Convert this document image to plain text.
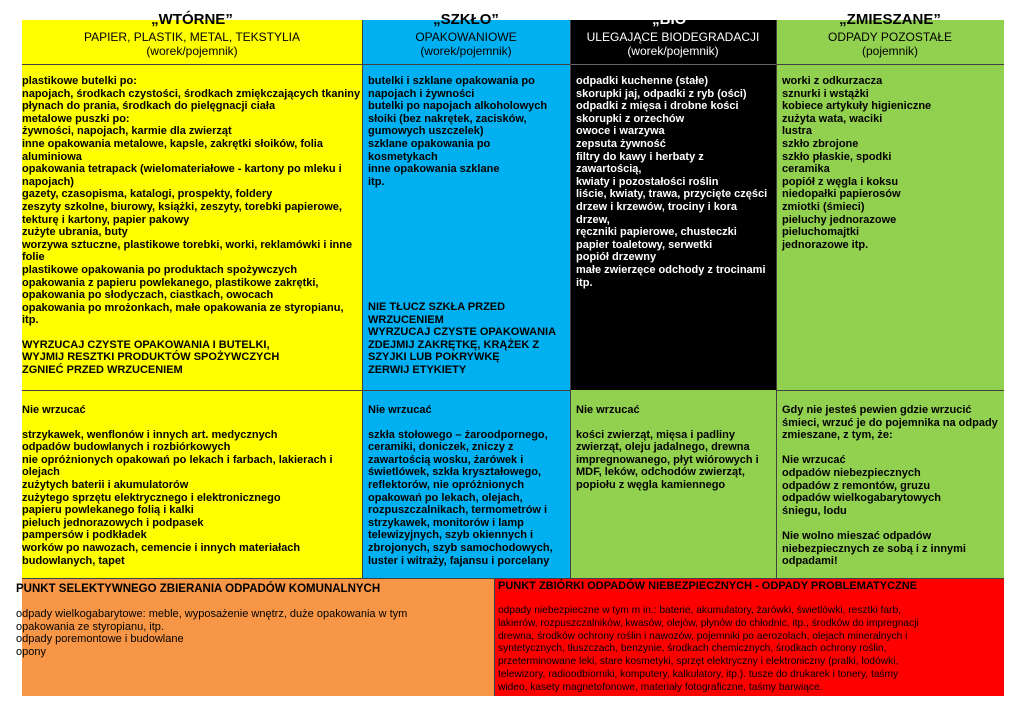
„WTÓRNE”
PAPIER, PLASTIK, METAL, TEKSTYLIA
(worek/pojemnik)
plastikowe butelki po:
napojach, środkach czystości, środkach zmiękczających tkaniny
płynach do prania, środkach do pielęgnacji ciała
metalowe puszki po:
żywności, napojach, karmie dla zwierząt
inne opakowania metalowe, kapsle, zakrętki słoików, folia
aluminiowa
opakowania tetrapack (wielomateriałowe - kartony po mleku i
napojach)
gazety, czasopisma, katalogi, prospekty, foldery
zeszyty szkolne, biurowy, książki, zeszyty, torebki papierowe,
tekturę i kartony, papier pakowy
zużyte ubrania, buty
worzywa sztuczne, plastikowe torebki, worki, reklamówki i inne
folie
plastikowe opakowania po produktach spożywczych
opakowania z papieru powlekanego, plastikowe zakrętki,
opakowania po słodyczach, ciastkach, owocach
opakowania po mrożonkach, małe opakowania ze styropianu,
itp.
WYRZUCAJ CZYSTE OPAKOWANIA I BUTELKI,
WYJMIJ RESZTKI PRODUKTÓW SPOŻYWCZYCH
ZGNIEĆ PRZED WRZUCENIEM
Nie wrzucać
strzykawek, wenflonów i innych art. medycznych
odpadów budowlanych i rozbiórkowych
nie opróżnionych opakowań po lekach i farbach, lakierach i
olejach
zużytych baterii i akumulatorów
zużytego sprzętu elektrycznego i elektronicznego
papieru powlekanego folią i kalki
pieluch jednorazowych i podpasek
pampersów i podkładek
worków po nawozach, cemencie i innych materiałach
budowlanych, tapet
„SZKŁO”
OPAKOWANIOWE
(worek/pojemnik)
butelki i szklane opakowania po
napojach i żywności
butelki po napojach alkoholowych
słoiki (bez nakrętek, zacisków,
gumowych uszczelek)
szklane opakowania po
kosmetykach
inne opakowania szklane
itp.
NIE TŁUCZ SZKŁA PRZED
WRZUCENIEM
WYRZUCAJ CZYSTE OPAKOWANIA
ZDEJMIJ ZAKRĘTKĘ, KRĄŻEK Z
SZYJKI LUB POKRYWKĘ
ZERWIJ ETYKIETY
Nie wrzucać
szkła stołowego – żaroodpornego,
ceramiki, doniczek, zniczy z
zawartością wosku, żarówek i
świetlówek, szkła kryształowego,
reflektorów, nie opróżnionych
opakowań po lekach, olejach,
rozpuszczalnikach, termometrów i
strzykawek, monitorów i lamp
telewizyjnych, szyb okiennych i
zbrojonych, szyb samochodowych,
luster i witraży, fajansu i porcelany
„BIO”
ULEGAJĄCE BIODEGRADACJI
(worek/pojemnik)
odpadki kuchenne (stałe)
skorupki jaj, odpadki z ryb (ości)
odpadki z mięsa i drobne kości
skorupki z orzechów
owoce i warzywa
zepsuta żywność
filtry do kawy i herbaty z
zawartością,
kwiaty i pozostałości roślin
liście, kwiaty, trawa, przycięte części
drzew i krzewów, trociny i kora
drzew,
ręczniki papierowe, chusteczki
papier toaletowy, serwetki
popiół drzewny
małe zwierzęce odchody z trocinami
itp.
Nie wrzucać
kości zwierząt, mięsa i padliny
zwierząt, oleju jadalnego, drewna
impregnowanego, płyt wiórowych i
MDF, leków, odchodów zwierząt,
popiołu z węgla kamiennego
„ZMIESZANE”
ODPADY POZOSTAŁE
(pojemnik)
worki z odkurzacza
sznurki i wstążki
kobiece artykuły higieniczne
zużyta wata, waciki
lustra
szkło zbrojone
szkło płaskie, spodki
ceramika
popiół z węgla i koksu
niedopałki papierosów
zmiotki (śmieci)
pieluchy jednorazowe
pieluchomajtki
jednorazowe itp.
Gdy nie jesteś pewien gdzie wrzucić
śmieci, wrzuć je do pojemnika na odpady
zmieszane, z tym, że:
Nie wrzucać
odpadów niebezpiecznych
odpadów z remontów, gruzu
odpadów wielkogabarytowych
śniegu, lodu
Nie wolno mieszać odpadów
niebezpiecznych ze sobą i z innymi
odpadami!
PUNKT SELEKTYWNEGO ZBIERANIA ODPADÓW KOMUNALNYCH
odpady wielkogabarytowe: meble, wyposażenie wnętrz, duże opakowania w tym
opakowania ze styropianu, itp.
odpady poremontowe i budowlane
opony
PUNKT ZBIÓRKI ODPADÓW NIEBEZPIECZNYCH - ODPADY PROBLEMATYCZNE
odpady niebezpieczne w tym m in.: baterie, akumulatory, żarówki, świetlówki, resztki farb,
lakierów, rozpuszczalników, kwasów, olejów, płynów do chłodnic, itp., środków do impregnacji
drewna, środków ochrony roślin i nawozów, pojemniki po aerozolach, olejach mineralnych i
syntetycznych, tłuszczach, benzynie, środkach chemicznych, środkach ochrony roślin,
przeterminowane leki, stare kosmetyki, sprzęt elektryczny i elektroniczny (pralki, lodówki,
telewizory, radioodbiorniki, komputery, kalkulatory, itp.). tusze do drukarek i tonery, taśmy
wideo, kasety magnetofonowe, materiały fotograficzne, taśmy barwiące.
